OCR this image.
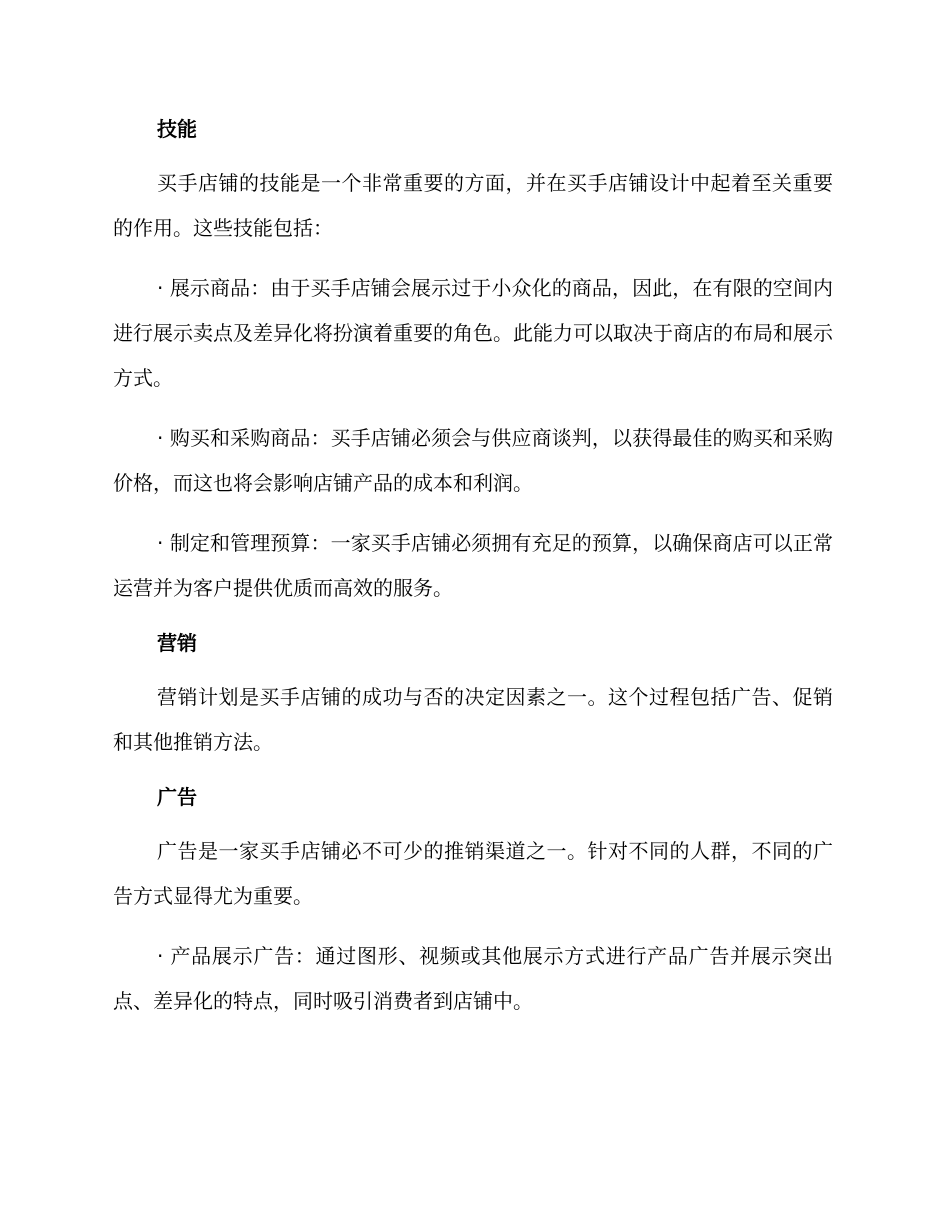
技能

买手店铺的技能是一个非常重要的方面，并在买手店铺设计中起着至关重要的作用。这些技能包括：

· 展示商品：由于买手店铺会展示过于小众化的商品，因此，在有限的空间内进行展示卖点及差异化将扮演着重要的角色。此能力可以取决于商店的布局和展示方式。

· 购买和采购商品：买手店铺必须会与供应商谈判，以获得最佳的购买和采购价格，而这也将会影响店铺产品的成本和利润。

· 制定和管理预算：一家买手店铺必须拥有充足的预算，以确保商店可以正常运营并为客户提供优质而高效的服务。

营销

营销计划是买手店铺的成功与否的决定因素之一。这个过程包括广告、促销和其他推销方法。

广告

广告是一家买手店铺必不可少的推销渠道之一。针对不同的人群，不同的广告方式显得尤为重要。

· 产品展示广告：通过图形、视频或其他展示方式进行产品广告并展示突出点、差异化的特点，同时吸引消费者到店铺中。
